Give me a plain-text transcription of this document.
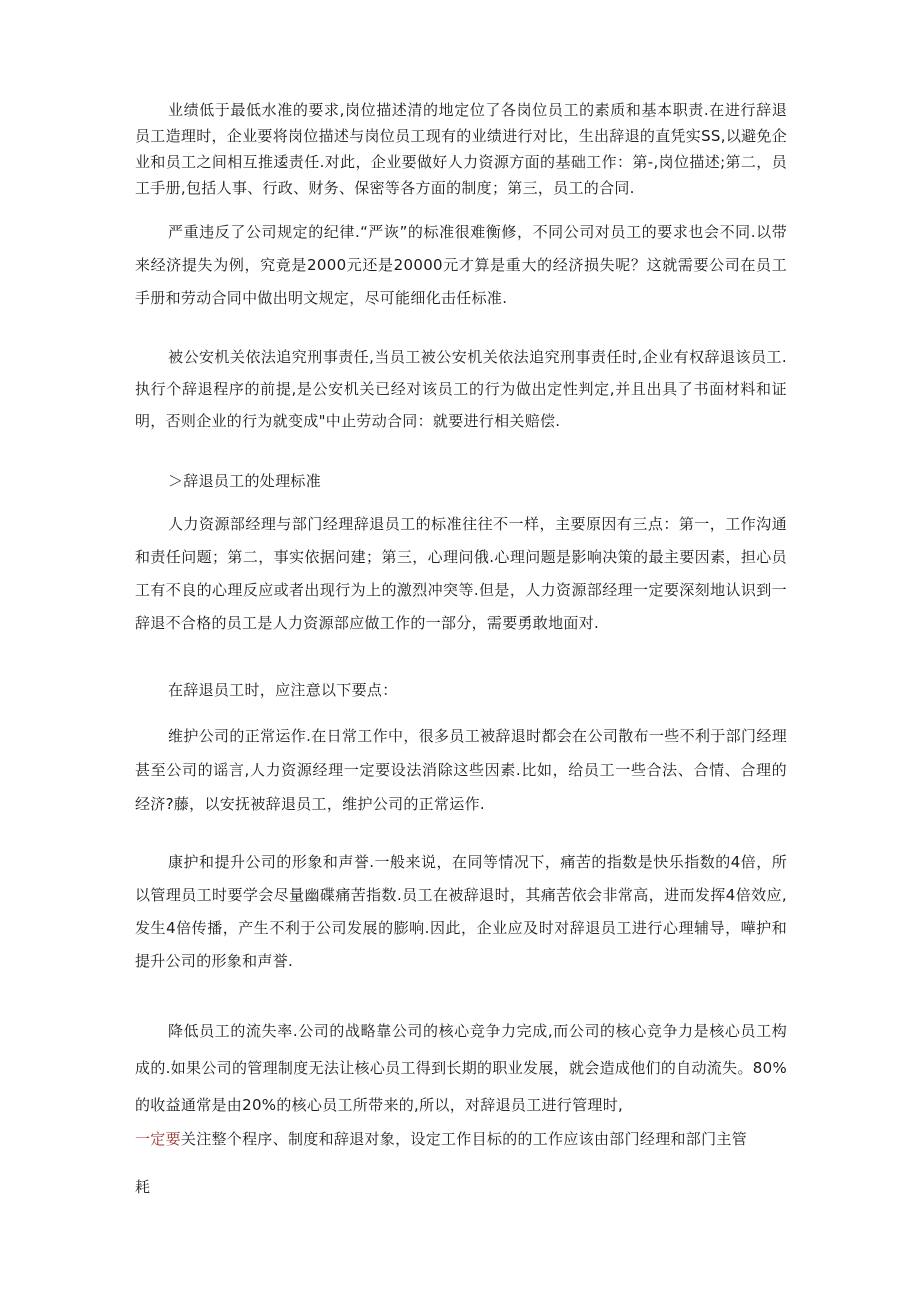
业绩低于最低水准的要求,岗位描述清的地定位了各岗位员工的素质和基本职责.在进行辞退员工造理时，企业要将岗位描述与岗位员工现有的业绩进行对比，生出辞退的直凭实SS,以避免企业和员工之间相互推逶责任.对此，企业要做好人力资源方面的基础工作：第-,岗位描述;第二，员工手册,包括人事、行政、财务、保密等各方面的制度；第三，员工的合同.

严重违反了公司规定的纪律.“严诙”的标准很难衡修，不同公司对员工的要求也会不同.以带来经济提失为例，究竟是2000元还是20000元才算是重大的经济损失呢？这就需要公司在员工手册和劳动合同中做出明文规定，尽可能细化击任标准.

被公安机关依法追究刑事责任,当员工被公安机关依法追究刑事责任时,企业有权辞退该员工.执行个辞退程序的前提,是公安机关已经对该员工的行为做出定性判定,并且出具了书面材料和证明，否则企业的行为就变成"中止劳动合同：就要进行相关赔偿.

＞辞退员工的处理标准

人力资源部经理与部门经理辞退员工的标准往往不一样，主要原因有三点：第一，工作沟通和责任问题；第二，事实依据问建；第三，心理问俄.心理问题是影响决策的最主要因素，担心员工有不良的心理反应或者出现行为上的激烈冲突等.但是，人力资源部经理一定要深刻地认识到一辞退不合格的员工是人力资源部应做工作的一部分，需要勇敢地面对.

在辞退员工时，应注意以下要点：

维护公司的正常运作.在日常工作中，很多员工被辞退时都会在公司散布一些不利于部门经理甚至公司的谣言,人力资源经理一定要设法消除这些因素.比如，给员工一些合法、合情、合理的经济?藤，以安抚被辞退员工，维护公司的正常运作.

康护和提升公司的形象和声誉.一般来说，在同等情况下，痛苦的指数是快乐指数的4倍，所以管理员工时要学会尽量幽碟痛苦指数.员工在被辞退时，其痛苦依会非常高，进而发挥4倍效应,发生4倍传播，产生不利于公司发展的膨响.因此，企业应及时对辞退员工进行心理辅导，嘩护和提升公司的形象和声誉.

降低员工的流失率.公司的战略靠公司的核心竞争力完成,而公司的核心竞争力是核心员工构成的.如果公司的管理制度无法让核心员工得到长期的职业发展，就会造成他们的自动流失。80%的收益通常是由20%的核心员工所带来的,所以，对辞退员工进行管理时,

一定要关注整个程序、制度和辞退对象，设定工作目标的的工作应该由部门经理和部门主管

耗
